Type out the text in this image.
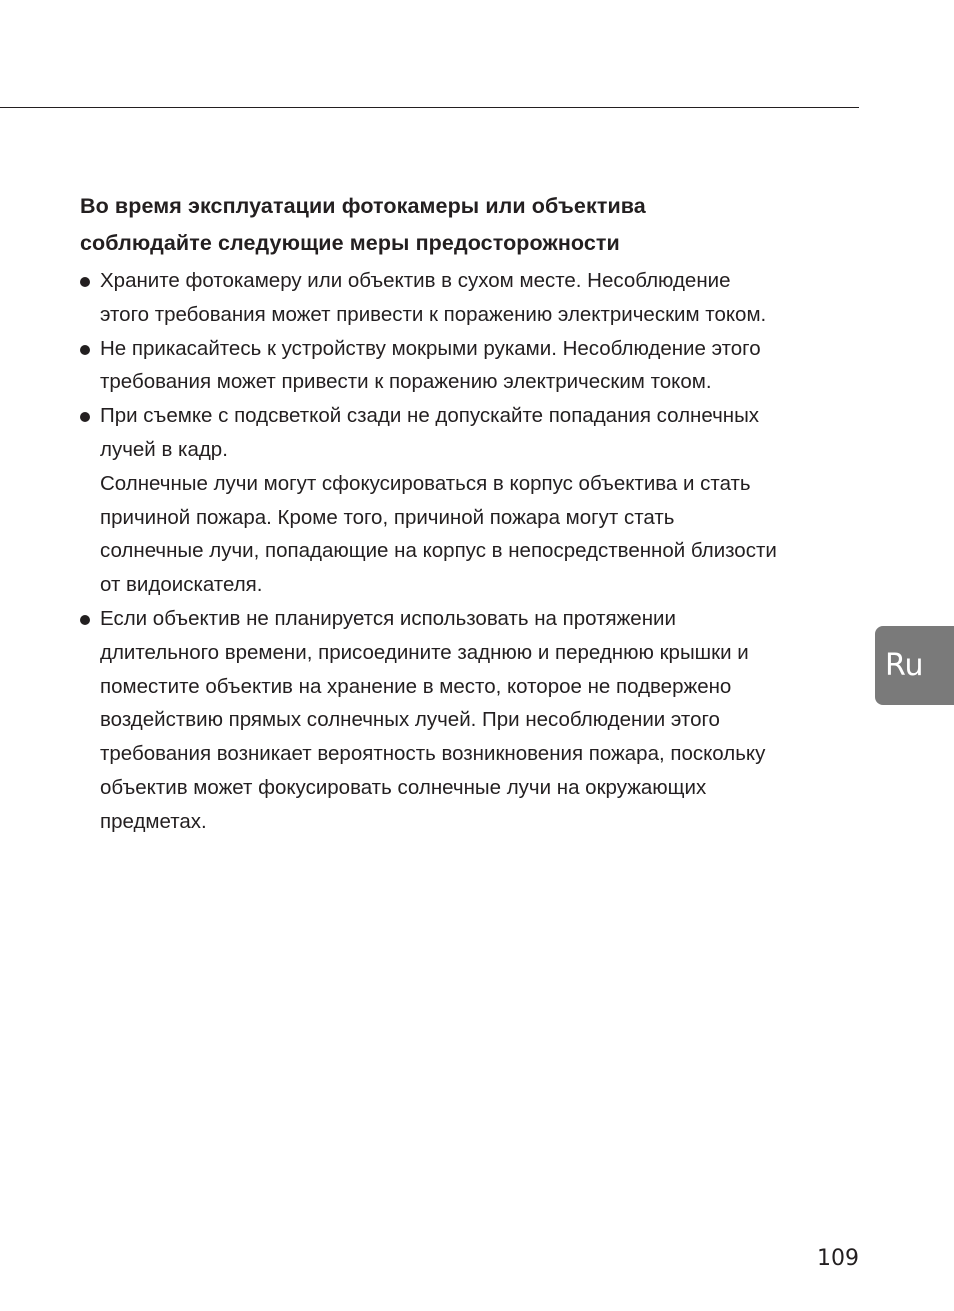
Во время эксплуатации фотокамеры или объектива
соблюдайте следующие меры предосторожности
Храните фотокамеру или объектив в сухом месте. Несоблюдение
этого требования может привести к поражению электрическим током.
Не прикасайтесь к устройству мокрыми руками. Несоблюдение этого
требования может привести к поражению электрическим током.
При съемке с подсветкой сзади не допускайте попадания солнечных
лучей в кадр.
Солнечные лучи могут сфокусироваться в корпус объектива и стать
причиной пожара. Кроме того, причиной пожара могут стать
солнечные лучи, попадающие на корпус в непосредственной близости
от видоискателя.
Если объектив не планируется использовать на протяжении
длительного времени, присоедините заднюю и переднюю крышки и
поместите объектив на хранение в место, которое не подвержено
воздействию прямых солнечных лучей. При несоблюдении этого
требования возникает вероятность возникновения пожара, поскольку
объектив может фокусировать солнечные лучи на окружающих
предметах.
Ru
109
